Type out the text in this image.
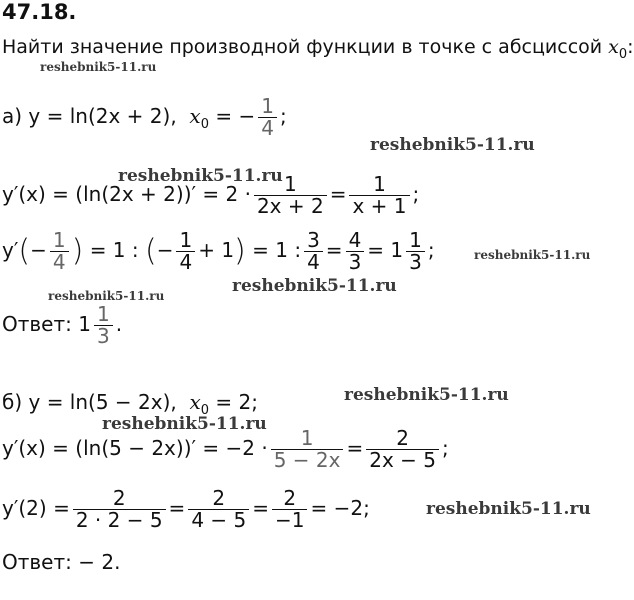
47.18.
Найти значение производной функции в точке с абсциссой $x_0$:
reshebnik5-11.ru
reshebnik5-11.ru
reshebnik5-11.ru
reshebnik5-11.ru
reshebnik5-11.ru
reshebnik5-11.ru
reshebnik5-11.ru
reshebnik5-11.ru
reshebnik5-11.ru
а) y = ln(2x + 2), $x_0$ = − $\frac{1}{4}$ ;
$y'(x) = (\ln(2x + 2))' = 2 \cdot \frac{1}{2x + 2} = \frac{1}{x + 1}$ ;
$y'(- \frac{1}{4}$ ) = 1 : (− $\frac{1}{4} + 1) = 1$ : $\frac{3}{4} = \frac{4}{3} = 1 \frac{1}{3}$ ;
Ответ: $1 \frac{1}{3}$ .
б) y = ln(5 − 2x), $x_0 = 2$;
$y'(x) = (\ln(5 - 2x))' = -2 \cdot \frac{1}{5 - 2x} = \frac{2}{2x - 5}$ ;
$y'(2) = \frac{2}{2 \cdot 2 - 5} = \frac{2}{4 - 5} = \frac{2}{-1} = -2$;
Ответ: − 2.
